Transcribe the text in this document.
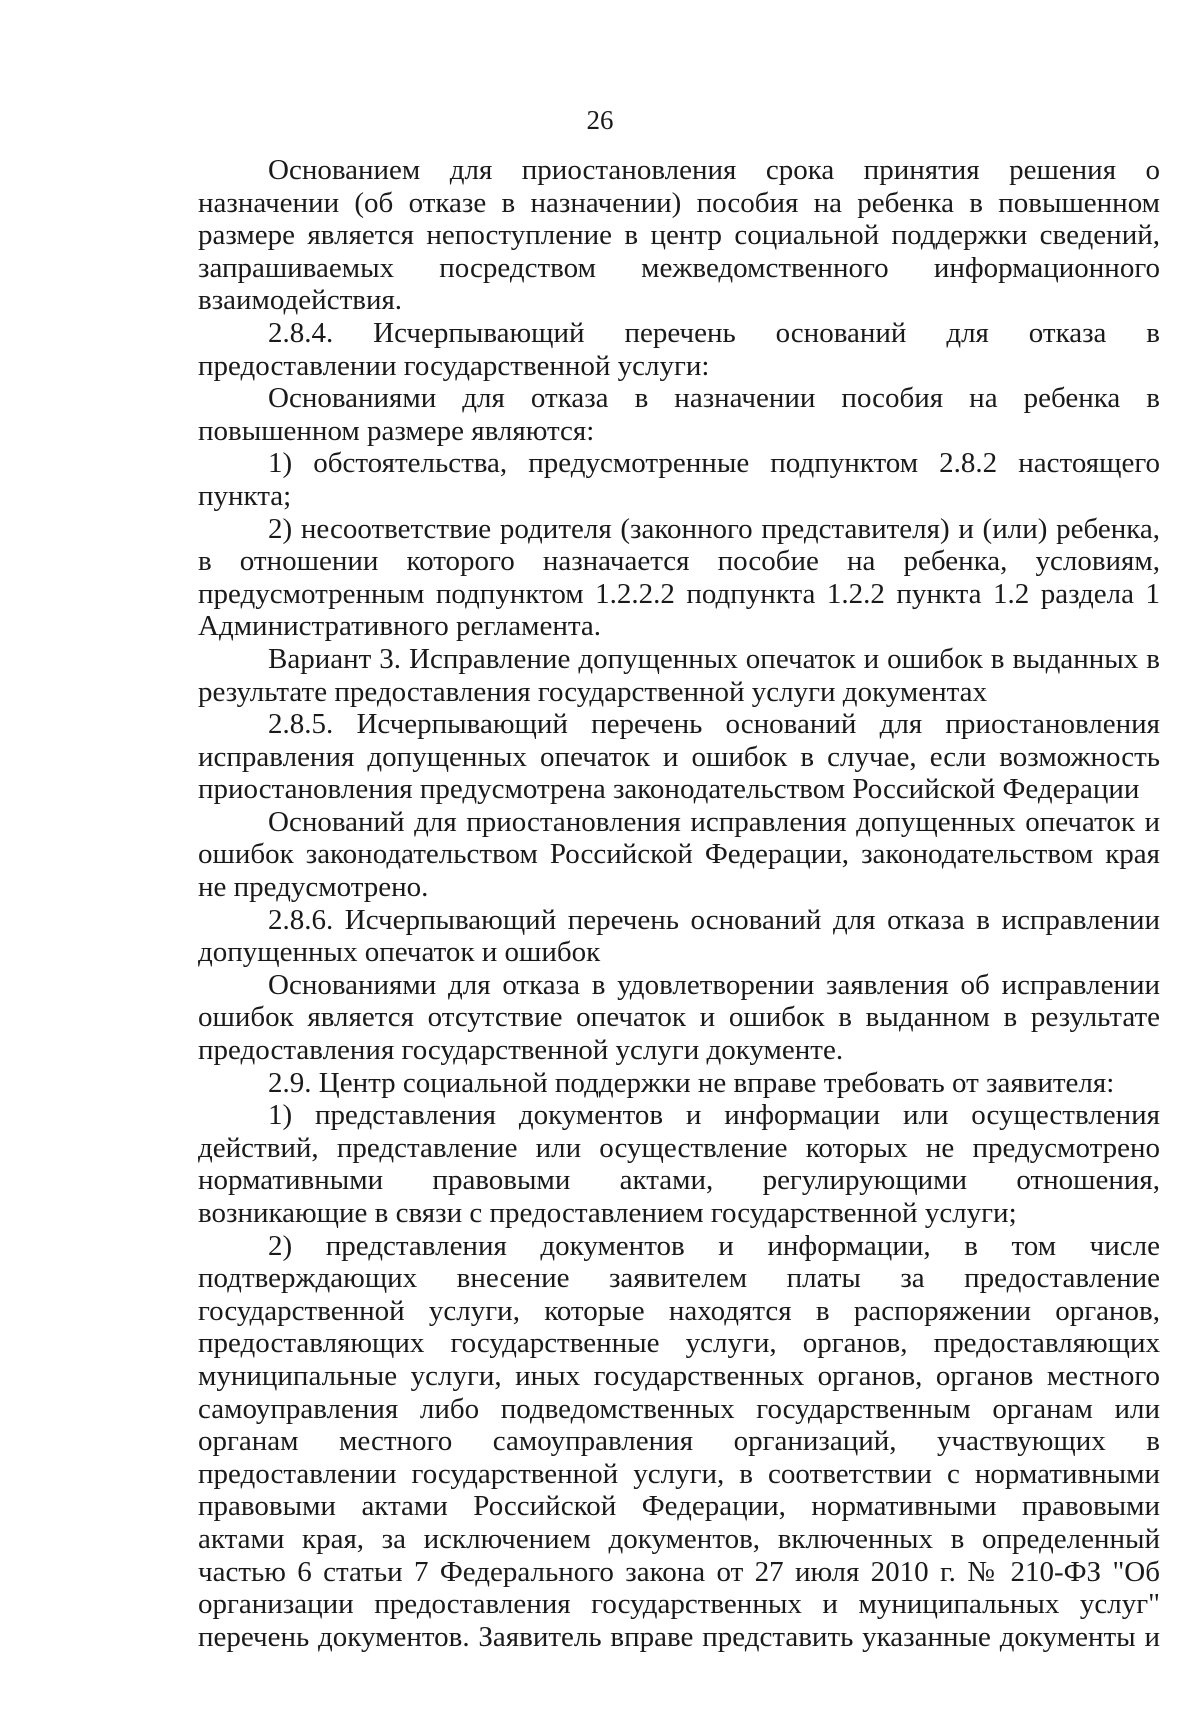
26

Основанием для приостановления срока принятия решения о назначении (об отказе в назначении) пособия на ребенка в повышенном размере является непоступление в центр социальной поддержки сведений, запрашиваемых посредством межведомственного информационного взаимодействия.

2.8.4. Исчерпывающий перечень оснований для отказа в предоставлении государственной услуги:

Основаниями для отказа в назначении пособия на ребенка в повышенном размере являются:

1) обстоятельства, предусмотренные подпунктом 2.8.2 настоящего пункта;

2) несоответствие родителя (законного представителя) и (или) ребенка, в отношении которого назначается пособие на ребенка, условиям, предусмотренным подпунктом 1.2.2.2 подпункта 1.2.2 пункта 1.2 раздела 1 Административного регламента.

Вариант 3. Исправление допущенных опечаток и ошибок в выданных в результате предоставления государственной услуги документах

2.8.5. Исчерпывающий перечень оснований для приостановления исправления допущенных опечаток и ошибок в случае, если возможность приостановления предусмотрена законодательством Российской Федерации

Оснований для приостановления исправления допущенных опечаток и ошибок законодательством Российской Федерации, законодательством края не предусмотрено.

2.8.6. Исчерпывающий перечень оснований для отказа в исправлении допущенных опечаток и ошибок

Основаниями для отказа в удовлетворении заявления об исправлении ошибок является отсутствие опечаток и ошибок в выданном в результате предоставления государственной услуги документе.

2.9. Центр социальной поддержки не вправе требовать от заявителя:

1) представления документов и информации или осуществления действий, представление или осуществление которых не предусмотрено нормативными правовыми актами, регулирующими отношения, возникающие в связи с предоставлением государственной услуги;

2) представления документов и информации, в том числе подтверждающих внесение заявителем платы за предоставление государственной услуги, которые находятся в распоряжении органов, предоставляющих государственные услуги, органов, предоставляющих муниципальные услуги, иных государственных органов, органов местного самоуправления либо подведомственных государственным органам или органам местного самоуправления организаций, участвующих в предоставлении государственной услуги, в соответствии с нормативными правовыми актами Российской Федерации, нормативными правовыми актами края, за исключением документов, включенных в определенный частью 6 статьи 7 Федерального закона от 27 июля 2010 г. № 210-ФЗ "Об организации предоставления государственных и муниципальных услуг" перечень документов. Заявитель вправе представить указанные документы и
